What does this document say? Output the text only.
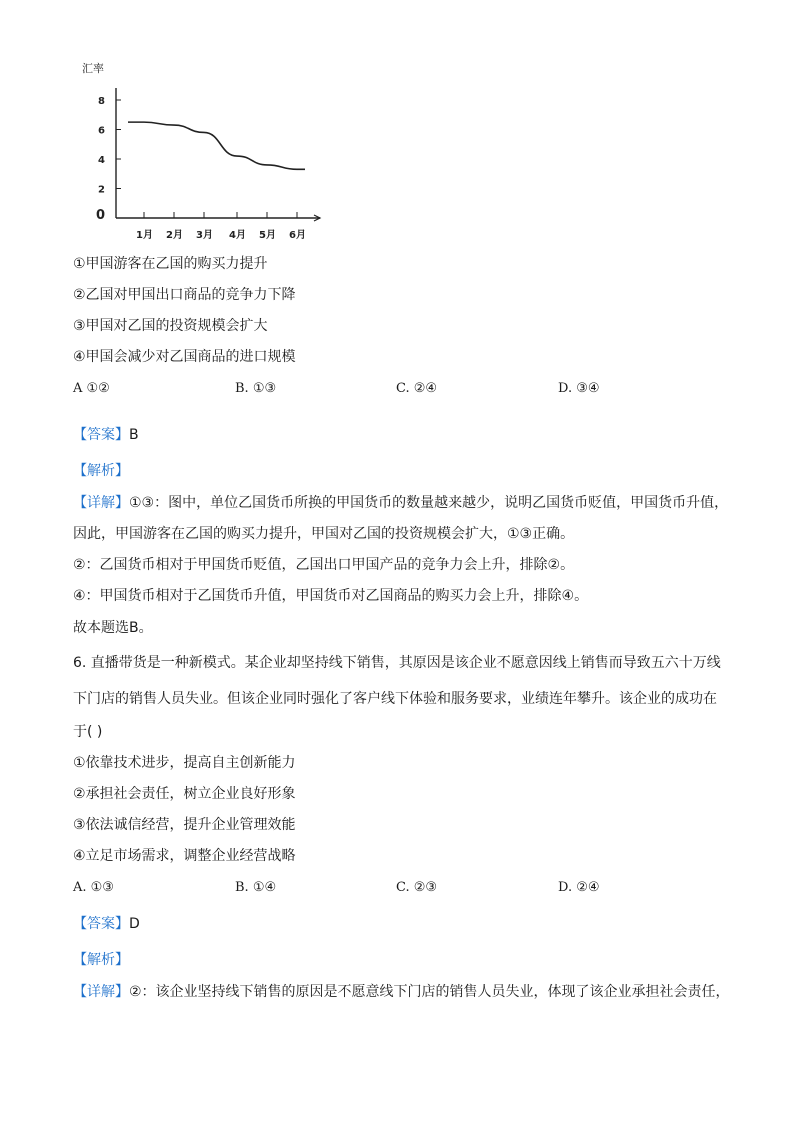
汇率
0
2
4
6
8
1月 2月 3月 4月 5月 6月
①甲国游客在乙国的购买力提升
②乙国对甲国出口商品的竞争力下降
③甲国对乙国的投资规模会扩大
④甲国会减少对乙国商品的进口规模
A ①②	B. ①③	C. ②④	D. ③④
【答案】B
【解析】
【详解】①③：图中，单位乙国货币所换的甲国货币的数量越来越少，说明乙国货币贬值，甲国货币升值，
因此，甲国游客在乙国的购买力提升，甲国对乙国的投资规模会扩大，①③正确。
②：乙国货币相对于甲国货币贬值，乙国出口甲国产品的竞争力会上升，排除②。
④：甲国货币相对于乙国货币升值，甲国货币对乙国商品的购买力会上升，排除④。
故本题选B。
6. 直播带货是一种新模式。某企业却坚持线下销售，其原因是该企业不愿意因线上销售而导致五六十万线
下门店的销售人员失业。但该企业同时强化了客户线下体验和服务要求，业绩连年攀升。该企业的成功在
于( )
①依靠技术进步，提高自主创新能力
②承担社会责任，树立企业良好形象
③依法诚信经营，提升企业管理效能
④立足市场需求，调整企业经营战略
A. ①③	B. ①④	C. ②③	D. ②④
【答案】D
【解析】
【详解】②：该企业坚持线下销售的原因是不愿意线下门店的销售人员失业，体现了该企业承担社会责任，
